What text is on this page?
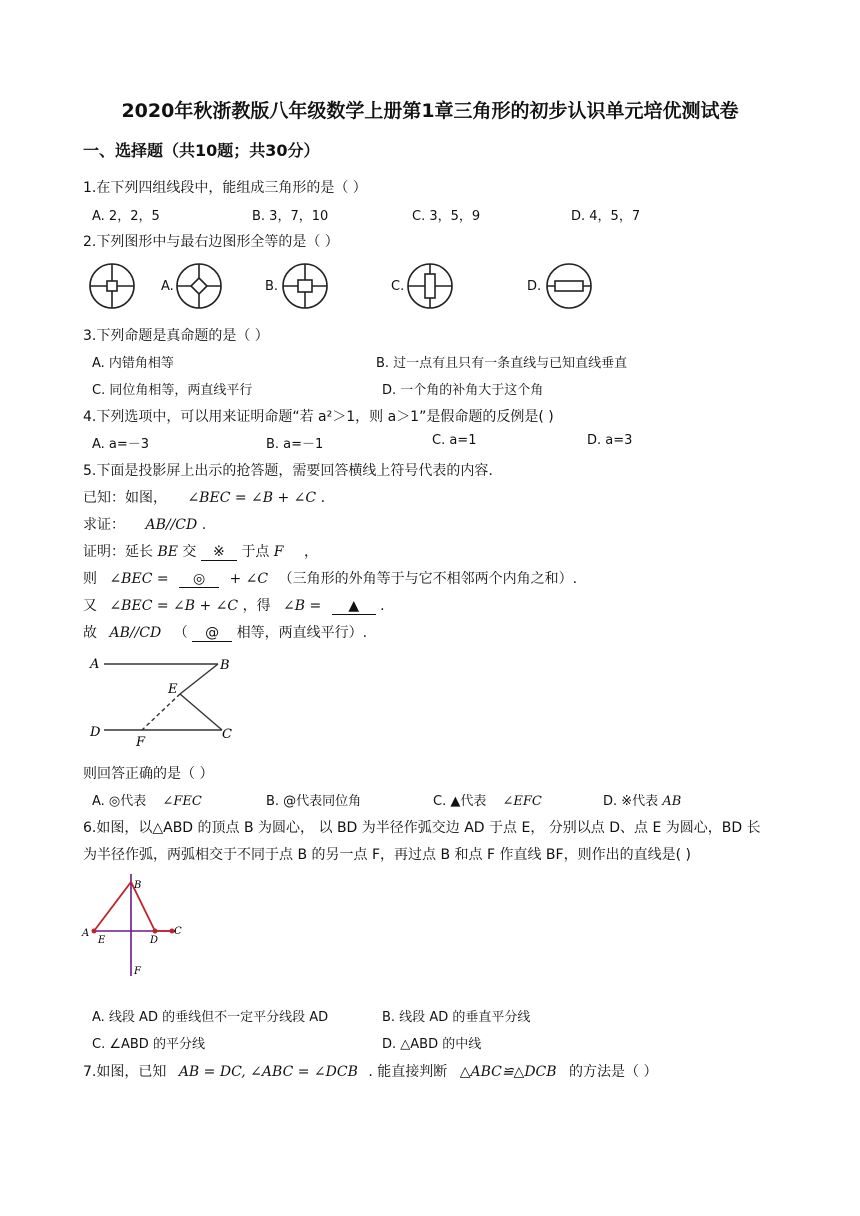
2020年秋浙教版八年级数学上册第1章三角形的初步认识单元培优测试卷
一、选择题（共10题；共30分）
1.在下列四组线段中，能组成三角形的是（ ）
A. 2，2，5	B. 3，7，10	C. 3，5，9	D. 4，5，7
2.下列图形中与最右边图形全等的是（ ）
A.	B.	C.	D.
3.下列命题是真命题的是（ ）
A. 内错角相等	B. 过一点有且只有一条直线与已知直线垂直
C. 同位角相等，两直线平行	D. 一个角的补角大于这个角
4.下列选项中，可以用来证明命题“若 a²＞1，则 a＞1”是假命题的反例是( )
A. a=－3	B. a=－1	C. a=1	D. a=3
5.下面是投影屏上出示的抢答题，需要回答横线上符号代表的内容.
已知：如图， ∠BEC = ∠B + ∠C .
求证： AB//CD .
证明：延长 BE 交 ※ 于点 F ，
则 ∠BEC = ◎ + ∠C （三角形的外角等于与它不相邻两个内角之和）.
又 ∠BEC = ∠B + ∠C ，得 ∠B = ▲ .
故 AB//CD （ @ 相等，两直线平行）.
A	B
E
D
F
C
则回答正确的是（ ）
A. ◎代表 ∠FEC	B. @代表同位角	C. ▲代表 ∠EFC	D. ※代表 AB
6.如图，以△ABD 的顶点 B 为圆心， 以 BD 为半径作弧交边 AD 于点 E， 分别以点 D、点 E 为圆心，BD 长
为半径作弧，两弧相交于不同于点 B 的另一点 F，再过点 B 和点 F 作直线 BF，则作出的直线是( )
B
A
E	D
C
F
A. 线段 AD 的垂线但不一定平分线段 AD	B. 线段 AD 的垂直平分线
C. ∠ABD 的平分线	D. △ABD 的中线
7.如图，已知 AB = DC, ∠ABC = ∠DCB . 能直接判断 △ABC≌△DCB 的方法是（ ）
